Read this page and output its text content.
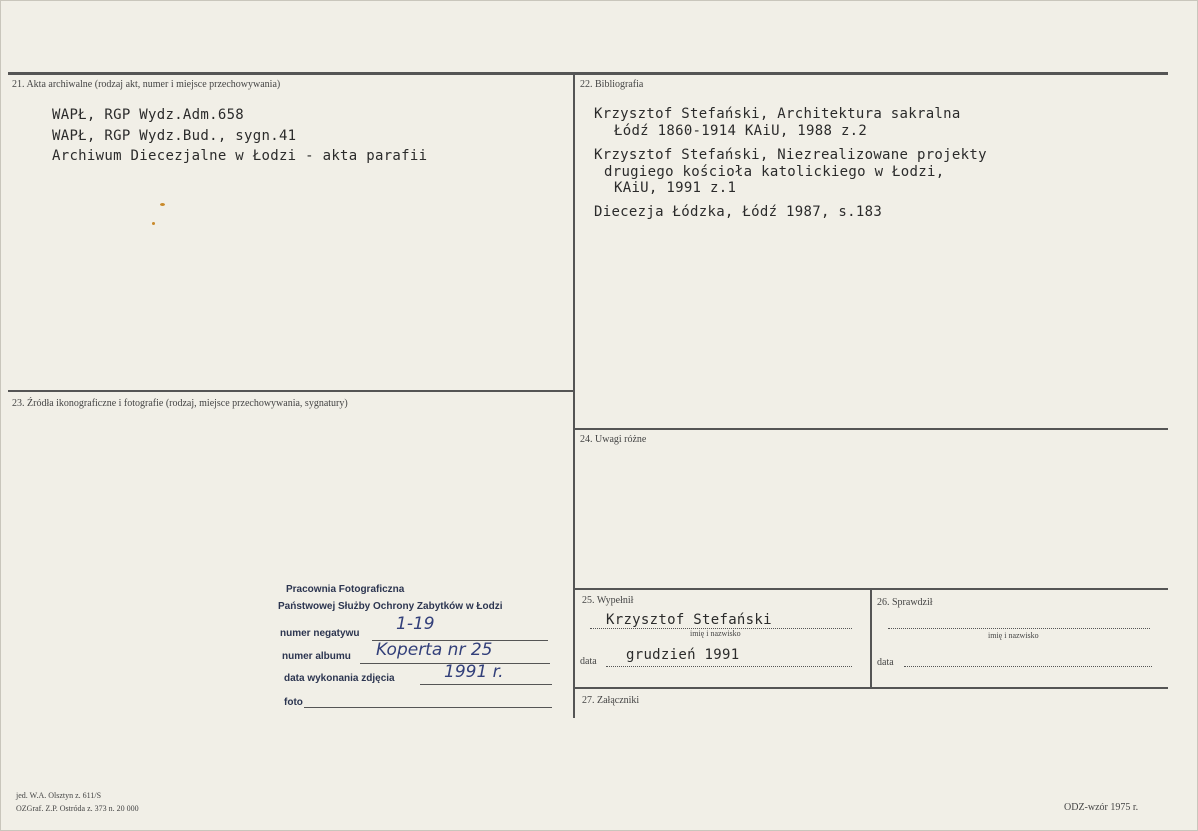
21. Akta archiwalne (rodzaj akt, numer i miejsce przechowywania)
WAPŁ, RGP Wydz.Adm.658
WAPŁ, RGP Wydz.Bud., sygn.41
Archiwum Diecezjalne w Łodzi - akta parafii
22. Bibliografia
Krzysztof Stefański, Architektura sakralna
Łódź 1860-1914 KAiU, 1988 z.2
Krzysztof Stefański, Niezrealizowane projekty
drugiego kościoła katolickiego w Łodzi,
KAiU, 1991 z.1
Diecezja Łódzka, Łódź 1987, s.183
23. Źródła ikonograficzne i fotografie (rodzaj, miejsce przechowywania, sygnatury)
24. Uwagi różne
Pracownia Fotograficzna
Państwowej Służby Ochrony Zabytków w Łodzi
numer negatywu 1-19
numer albumu Koperta nr 25
data wykonania zdjęcia	1991 r.
foto
25. Wypełnił
Krzysztof Stefański
imię i nazwisko
data grudzień 1991
26. Sprawdził
imię i nazwisko
data
27. Załączniki
jed. W.A. Olsztyn z. 611/S
OZGraf. Z.P. Ostróda z. 373 n. 20 000	ODZ-wzór 1975 r.
